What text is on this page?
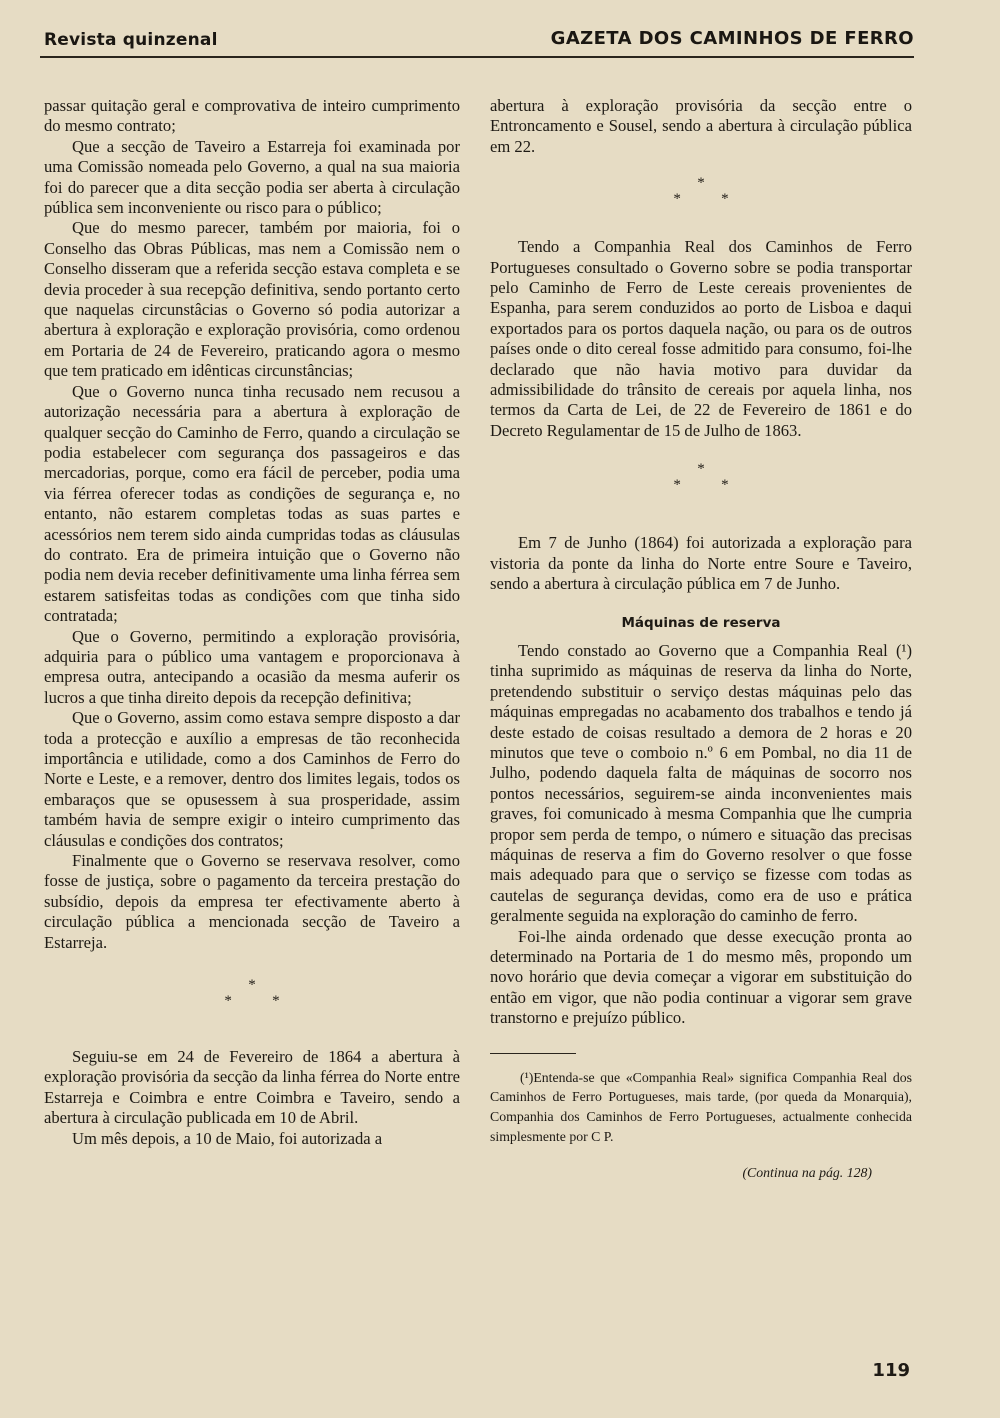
Revista quinzenal	GAZETA DOS CAMINHOS DE FERRO

passar quitação geral e comprovativa de inteiro cumprimento do mesmo contrato;

Que a secção de Taveiro a Estarreja foi examinada por uma Comissão nomeada pelo Governo, a qual na sua maioria foi do parecer que a dita secção podia ser aberta à circulação pública sem inconveniente ou risco para o público;

Que do mesmo parecer, também por maioria, foi o Conselho das Obras Públicas, mas nem a Comissão nem o Conselho disseram que a referida secção estava completa e se devia proceder à sua recepção definitiva, sendo portanto certo que naquelas circunstâcias o Governo só podia autorizar a abertura à exploração e exploração provisória, como ordenou em Portaria de 24 de Fevereiro, praticando agora o mesmo que tem praticado em idênticas circunstâncias;

Que o Governo nunca tinha recusado nem recusou a autorização necessária para a abertura à exploração de qualquer secção do Caminho de Ferro, quando a circulação se podia estabelecer com segurança dos passageiros e das mercadorias, porque, como era fácil de perceber, podia uma via férrea oferecer todas as condições de segurança e, no entanto, não estarem completas todas as suas partes e acessórios nem terem sido ainda cumpridas todas as cláusulas do contrato. Era de primeira intuição que o Governo não podia nem devia receber definitivamente uma linha férrea sem estarem satisfeitas todas as condições com que tinha sido contratada;

Que o Governo, permitindo a exploração provisória, adquiria para o público uma vantagem e proporcionava à empresa outra, antecipando a ocasião da mesma auferir os lucros a que tinha direito depois da recepção definitiva;

Que o Governo, assim como estava sempre disposto a dar toda a protecção e auxílio a empresas de tão reconhecida importância e utilidade, como a dos Caminhos de Ferro do Norte e Leste, e a remover, dentro dos limites legais, todos os embaraços que se opusessem à sua prosperidade, assim também havia de sempre exigir o inteiro cumprimento das cláusulas e condições dos contratos;

Finalmente que o Governo se reservava resolver, como fosse de justiça, sobre o pagamento da terceira prestação do subsídio, depois da empresa ter efectivamente aberto à circulação pública a mencionada secção de Taveiro a Estarreja.

*
*	*

Seguiu-se em 24 de Fevereiro de 1864 a abertura à exploração provisória da secção da linha férrea do Norte entre Estarreja e Coimbra e entre Coimbra e Taveiro, sendo a abertura à circulação publicada em 10 de Abril.

Um mês depois, a 10 de Maio, foi autorizada a

abertura à exploração provisória da secção entre o Entroncamento e Sousel, sendo a abertura à circulação pública em 22.

*
*	*

Tendo a Companhia Real dos Caminhos de Ferro Portugueses consultado o Governo sobre se podia transportar pelo Caminho de Ferro de Leste cereais provenientes de Espanha, para serem conduzidos ao porto de Lisboa e daqui exportados para os portos daquela nação, ou para os de outros países onde o dito cereal fosse admitido para consumo, foi-lhe declarado que não havia motivo para duvidar da admissibilidade do trânsito de cereais por aquela linha, nos termos da Carta de Lei, de 22 de Fevereiro de 1861 e do Decreto Regulamentar de 15 de Julho de 1863.

*
*	*

Em 7 de Junho (1864) foi autorizada a exploração para vistoria da ponte da linha do Norte entre Soure e Taveiro, sendo a abertura à circulação pública em 7 de Junho.

Máquinas de reserva

Tendo constado ao Governo que a Companhia Real (¹) tinha suprimido as máquinas de reserva da linha do Norte, pretendendo substituir o serviço destas máquinas pelo das máquinas empregadas no acabamento dos trabalhos e tendo já deste estado de coisas resultado a demora de 2 horas e 20 minutos que teve o comboio n.º 6 em Pombal, no dia 11 de Julho, podendo daquela falta de máquinas de socorro nos pontos necessários, seguirem-se ainda inconvenientes mais graves, foi comunicado à mesma Companhia que lhe cumpria propor sem perda de tempo, o número e situação das precisas máquinas de reserva a fim do Governo resolver o que fosse mais adequado para que o serviço se fizesse com todas as cautelas de segurança devidas, como era de uso e prática geralmente seguida na exploração do caminho de ferro.

Foi-lhe ainda ordenado que desse execução pronta ao determinado na Portaria de 1 do mesmo mês, propondo um novo horário que devia começar a vigorar em substituição do então em vigor, que não podia continuar a vigorar sem grave transtorno e prejuízo público.

(¹)Entenda-se que «Companhia Real» significa Companhia Real dos Caminhos de Ferro Portugueses, mais tarde, (por queda da Monarquia), Companhia dos Caminhos de Ferro Portugueses, actualmente conhecida simplesmente por C P.
(Continua na pág. 128)
119
